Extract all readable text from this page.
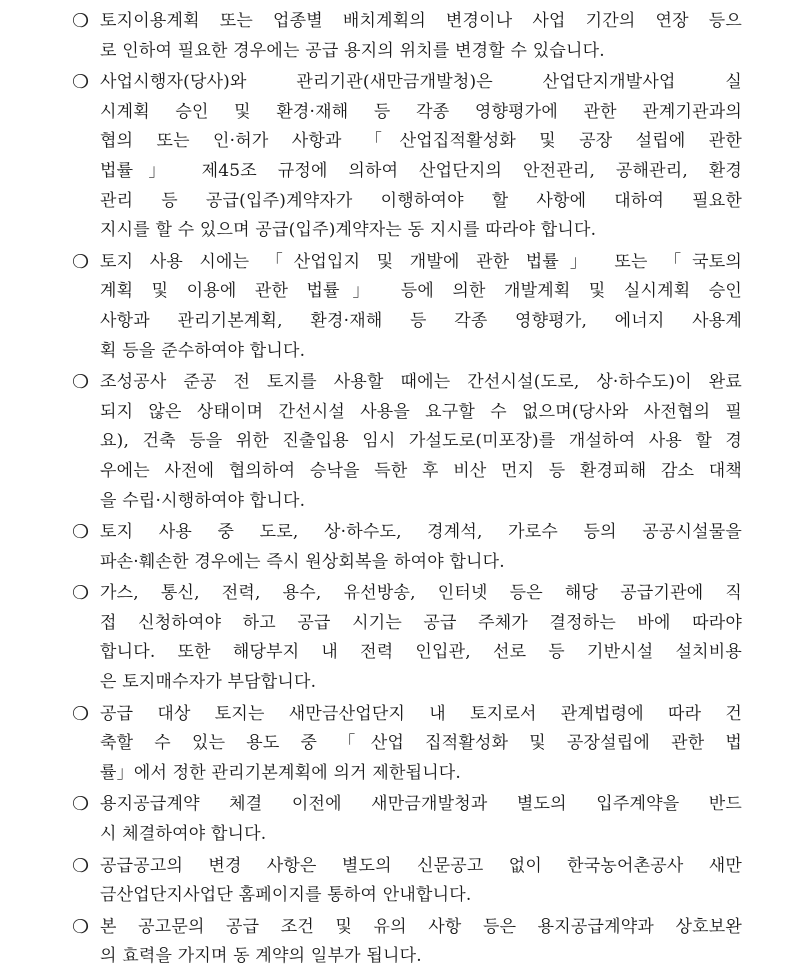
❍ 토지이용계획 또는 업종별 배치계획의 변경이나 사업 기간의 연장 등으
로 인하여 필요한 경우에는 공급 용지의 위치를 변경할 수 있습니다.

❍ 사업시행자(당사)와 관리기관(새만금개발청)은 산업단지개발사업 실
시계획 승인 및 환경·재해 등 각종 영향평가에 관한 관계기관과의
협의 또는 인·허가 사항과 「산업집적활성화 및 공장 설립에 관한
법률」 제45조 규정에 의하여 산업단지의 안전관리, 공해관리, 환경
관리 등 공급(입주)계약자가 이행하여야 할 사항에 대하여 필요한
지시를 할 수 있으며 공급(입주)계약자는 동 지시를 따라야 합니다.

❍ 토지 사용 시에는 「산업입지 및 개발에 관한 법률」 또는 「국토의
계획 및 이용에 관한 법률」 등에 의한 개발계획 및 실시계획 승인
사항과 관리기본계획, 환경·재해 등 각종 영향평가, 에너지 사용계
획 등을 준수하여야 합니다.

❍ 조성공사 준공 전 토지를 사용할 때에는 간선시설(도로, 상·하수도)이 완료
되지 않은 상태이며 간선시설 사용을 요구할 수 없으며(당사와 사전협의 필
요), 건축 등을 위한 진출입용 임시 가설도로(미포장)를 개설하여 사용 할 경
우에는 사전에 협의하여 승낙을 득한 후 비산 먼지 등 환경피해 감소 대책
을 수립·시행하여야 합니다.

❍ 토지 사용 중 도로, 상·하수도, 경계석, 가로수 등의 공공시설물을
파손·훼손한 경우에는 즉시 원상회복을 하여야 합니다.

❍ 가스, 통신, 전력, 용수, 유선방송, 인터넷 등은 해당 공급기관에 직
접 신청하여야 하고 공급 시기는 공급 주체가 결정하는 바에 따라야
합니다. 또한 해당부지 내 전력 인입관, 선로 등 기반시설 설치비용
은 토지매수자가 부담합니다.

❍ 공급 대상 토지는 새만금산업단지 내 토지로서 관계법령에 따라 건
축할 수 있는 용도 중 「산업 집적활성화 및 공장설립에 관한 법
률」에서 정한 관리기본계획에 의거 제한됩니다.

❍ 용지공급계약 체결 이전에 새만금개발청과 별도의 입주계약을 반드
시 체결하여야 합니다.

❍ 공급공고의 변경 사항은 별도의 신문공고 없이 한국농어촌공사 새만
금산업단지사업단 홈페이지를 통하여 안내합니다.

❍ 본 공고문의 공급 조건 및 유의 사항 등은 용지공급계약과 상호보완
의 효력을 가지며 동 계약의 일부가 됩니다.
